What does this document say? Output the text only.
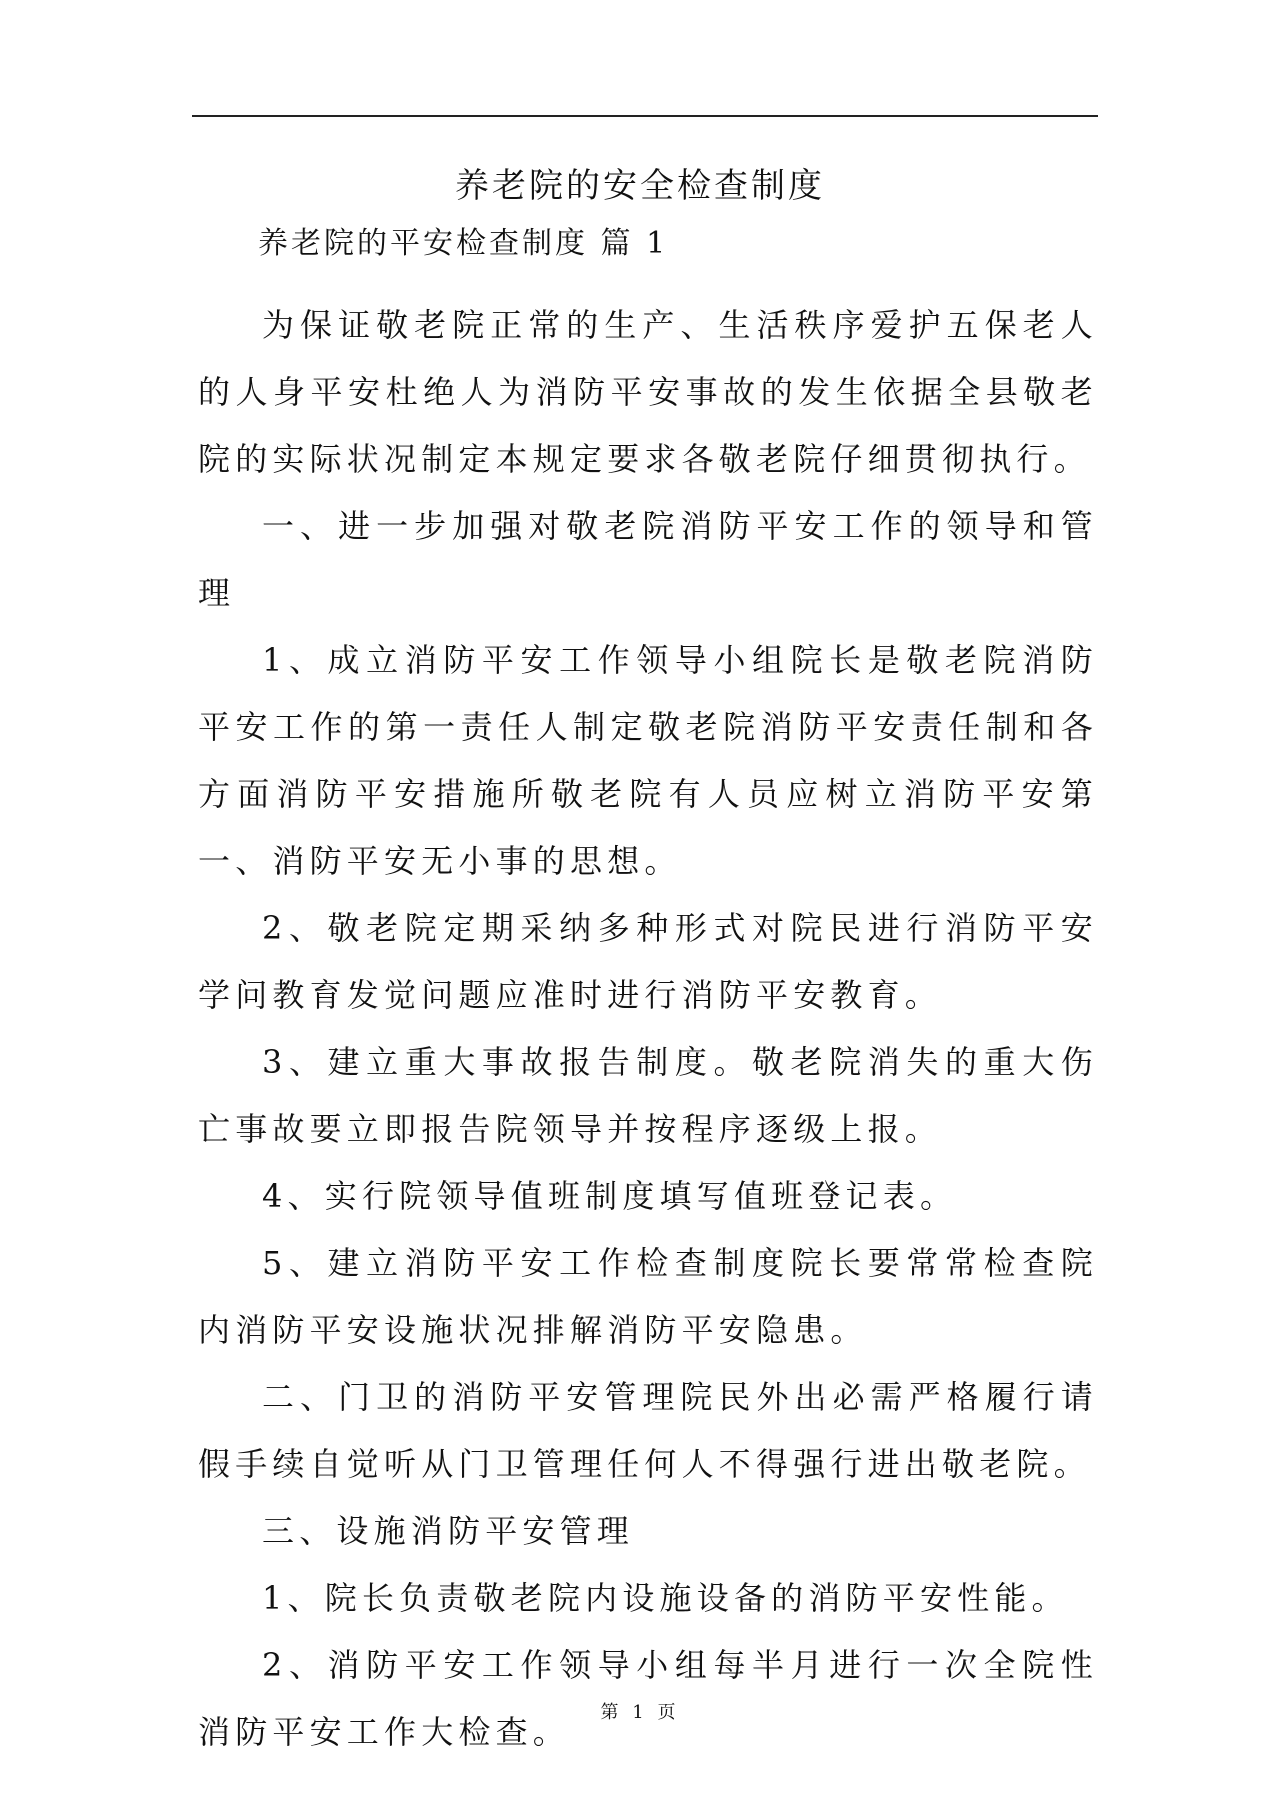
养老院的安全检查制度
养老院的平安检查制度 篇 1

为保证敬老院正常的生产、生活秩序爱护五保老人的人身平安杜绝人为消防平安事故的发生依据全县敬老院的实际状况制定本规定要求各敬老院仔细贯彻执行。

一、进一步加强对敬老院消防平安工作的领导和管理

1、成立消防平安工作领导小组院长是敬老院消防平安工作的第一责任人制定敬老院消防平安责任制和各方面消防平安措施所敬老院有人员应树立消防平安第一、消防平安无小事的思想。

2、敬老院定期采纳多种形式对院民进行消防平安学问教育发觉问题应准时进行消防平安教育。

3、建立重大事故报告制度。敬老院消失的重大伤亡事故要立即报告院领导并按程序逐级上报。

4、实行院领导值班制度填写值班登记表。

5、建立消防平安工作检查制度院长要常常检查院内消防平安设施状况排解消防平安隐患。

二、门卫的消防平安管理院民外出必需严格履行请假手续自觉听从门卫管理任何人不得强行进出敬老院。

三、设施消防平安管理

1、院长负责敬老院内设施设备的消防平安性能。

2、消防平安工作领导小组每半月进行一次全院性消防平安工作大检查。

第 1 页
